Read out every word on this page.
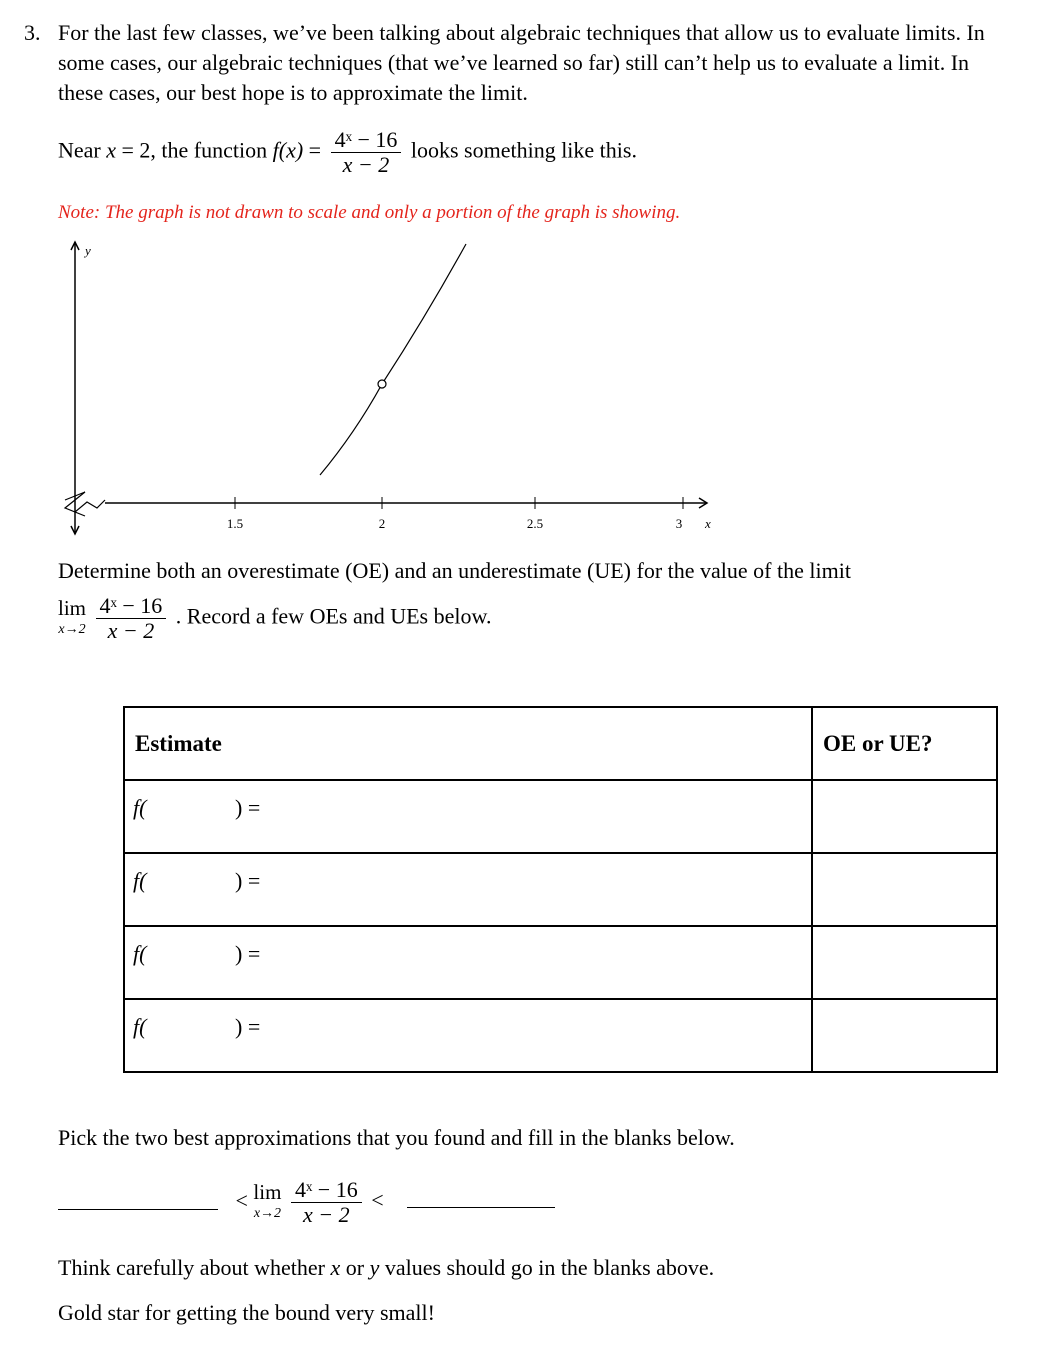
3. For the last few classes, we’ve been talking about algebraic techniques that allow us to evaluate limits. In some cases, our algebraic techniques (that we’ve learned so far) still can’t help us to evaluate a limit. In these cases, our best hope is to approximate the limit.
Near x = 2, the function $f(x) = \frac{\text{4ˣ − 16}}{x - 2}$ looks something like this.
Note: The graph is not drawn to scale and only a portion of the graph is showing.
y
1.5	2	2.5	3 x
Determine both an overestimate (OE) and an underestimate (UE) for the value of the limit
lim
x→2
$\frac{\text{4ˣ − 16}}{x - 2}$ . Record a few OEs and UEs below.
Estimate	OE or UE?

f( ) =	

f( ) =	

f( ) =	

f( ) =	

Pick the two best approximations that you found and fill in the blanks below.
< lim
x→2
$\frac{\text{4ˣ − 16}}{x - 2}$ <
Think carefully about whether x or y values should go in the blanks above.
Gold star for getting the bound very small!
